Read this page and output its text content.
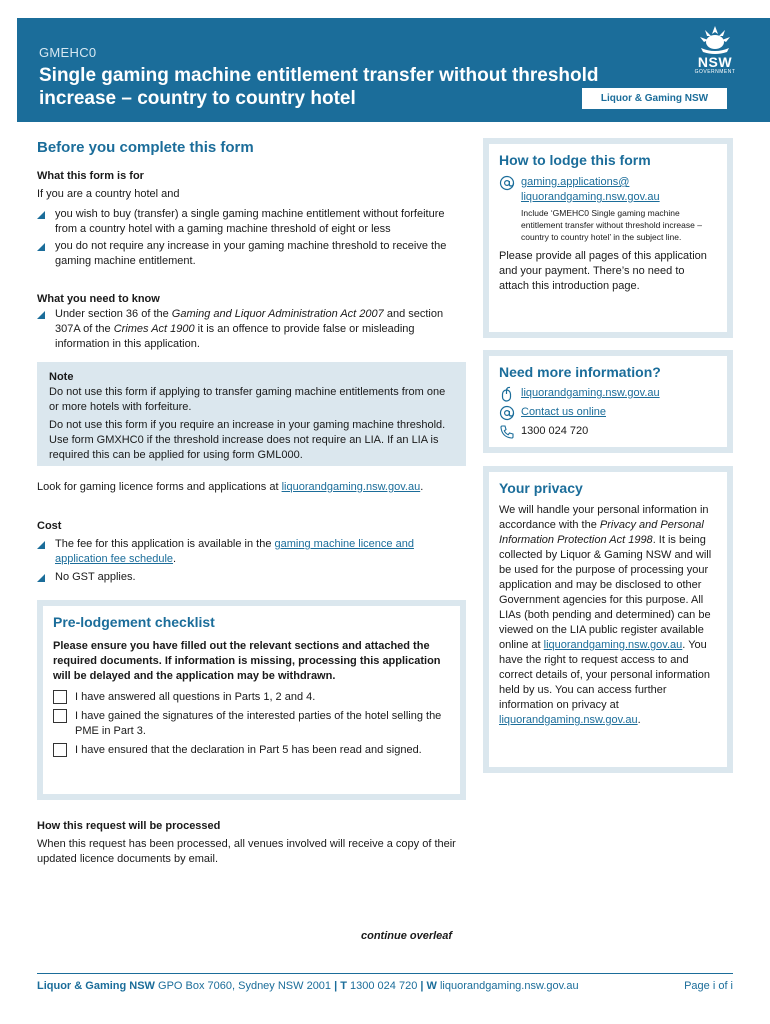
GMEHC0
Single gaming machine entitlement transfer without threshold increase – country to country hotel
NSW
GOVERNMENT
Liquor & Gaming NSW
Before you complete this form
What this form is for
If you are a country hotel and
you wish to buy (transfer) a single gaming machine entitlement without forfeiture from a country hotel with a gaming machine threshold of eight or less
you do not require any increase in your gaming machine threshold to receive the gaming machine entitlement.
What you need to know
Under section 36 of the Gaming and Liquor Administration Act 2007 and section 307A of the Crimes Act 1900 it is an offence to provide false or misleading information in this application.
Note
Do not use this form if applying to transfer gaming machine entitlements from one or more hotels with forfeiture.
Do not use this form if you require an increase in your gaming machine threshold. Use form GMXHC0 if the threshold increase does not require an LIA. If an LIA is required this can be applied for using form GML000.
Look for gaming licence forms and applications at liquorandgaming.nsw.gov.au.
Cost
The fee for this application is available in the gaming machine licence and application fee schedule.
No GST applies.
Pre-lodgement checklist
Please ensure you have filled out the relevant sections and attached the required documents. If information is missing, processing this application will be delayed and the application may be withdrawn.
I have answered all questions in Parts 1, 2 and 4.
I have gained the signatures of the interested parties of the hotel selling the PME in Part 3.
I have ensured that the declaration in Part 5 has been read and signed.
How this request will be processed
When this request has been processed, all venues involved will receive a copy of their updated licence documents by email.
continue overleaf
How to lodge this form
gaming.applications@ liquorandgaming.nsw.gov.au
Include ‘GMEHC0 Single gaming machine entitlement transfer without threshold increase – country to country hotel’ in the subject line.
Please provide all pages of this application and your payment. There’s no need to attach this introduction page.
Need more information?
liquorandgaming.nsw.gov.au
Contact us online
1300 024 720
Your privacy
We will handle your personal information in accordance with the Privacy and Personal Information Protection Act 1998. It is being collected by Liquor & Gaming NSW and will be used for the purpose of processing your application and may be disclosed to other Government agencies for this purpose. All LIAs (both pending and determined) can be viewed on the LIA public register available online at liquorandgaming.nsw.gov.au. You have the right to request access to and correct details of, your personal information held by us. You can access further information on privacy at liquorandgaming.nsw.gov.au.
Liquor & Gaming NSW GPO Box 7060, Sydney NSW 2001 | T 1300 024 720 | W liquorandgaming.nsw.gov.au	Page i of i
